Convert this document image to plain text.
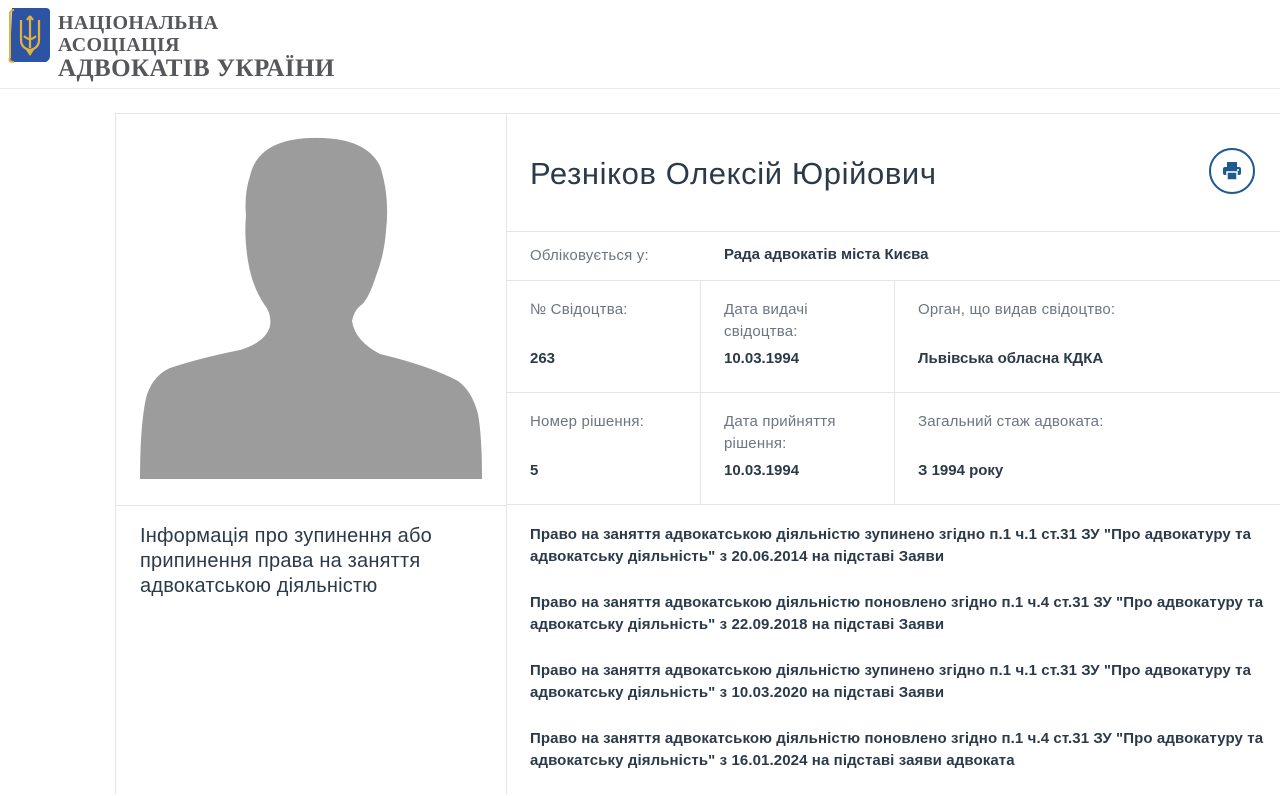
НАЦІОНАЛЬНА АСОЦІАЦІЯ
АДВОКАТІВ УКРАЇНИ
Резніков Олексій Юрійович
Обліковується у:	Рада адвокатів міста Києва
№ Свідоцтва:
263
Дата видачі свідоцтва:
10.03.1994
Орган, що видав свідоцтво:
Львівська обласна КДКА
Номер рішення:
5
Дата прийняття рішення:
10.03.1994
Загальний стаж адвоката:
З 1994 року
Інформація про зупинення або припинення права на заняття адвокатською діяльністю
Право на заняття адвокатською діяльністю зупинено згідно п.1 ч.1 ст.31 ЗУ "Про адвокатуру та адвокатську діяльність" з 20.06.2014 на підставі Заяви
Право на заняття адвокатською діяльністю поновлено згідно п.1 ч.4 ст.31 ЗУ "Про адвокатуру та адвокатську діяльність" з 22.09.2018 на підставі Заяви
Право на заняття адвокатською діяльністю зупинено згідно п.1 ч.1 ст.31 ЗУ "Про адвокатуру та адвокатську діяльність" з 10.03.2020 на підставі Заяви
Право на заняття адвокатською діяльністю поновлено згідно п.1 ч.4 ст.31 ЗУ "Про адвокатуру та адвокатську діяльність" з 16.01.2024 на підставі заяви адвоката
